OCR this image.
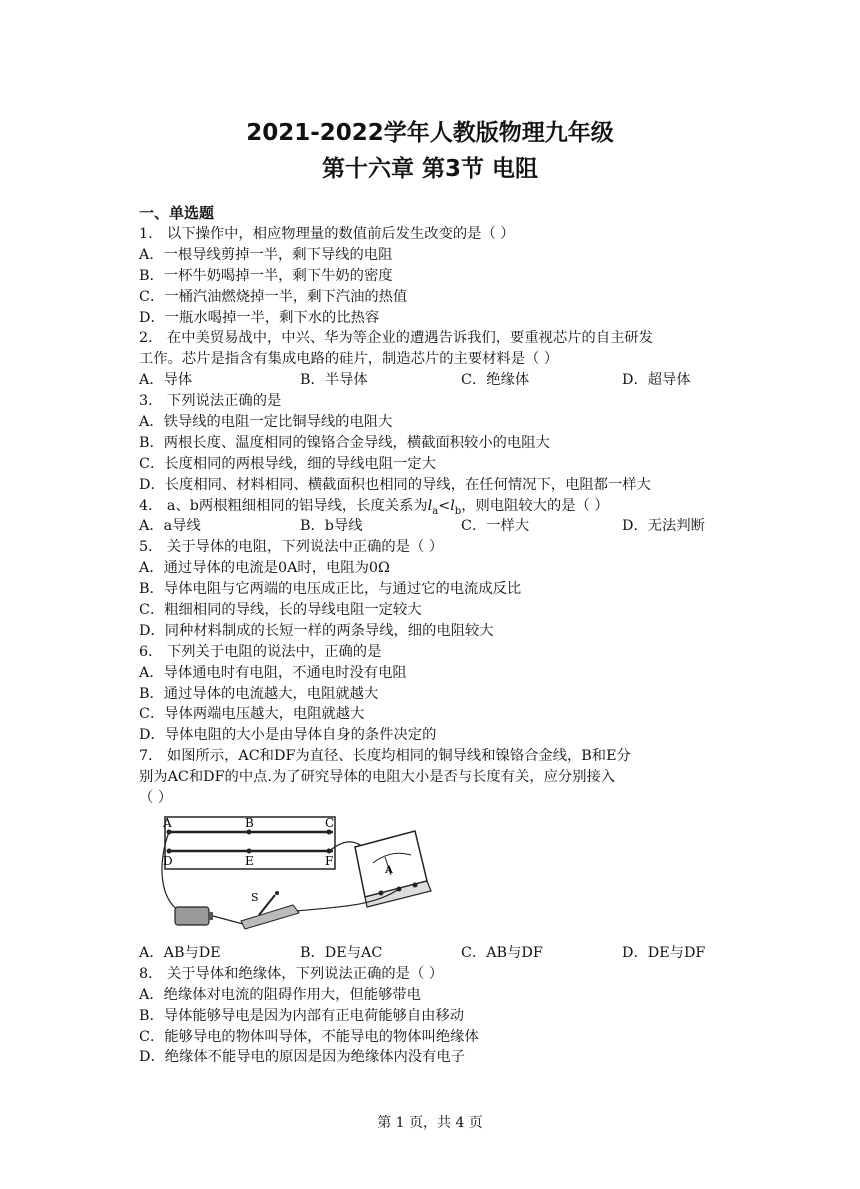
2021-2022学年人教版物理九年级
第十六章 第3节 电阻
一、单选题
1． 以下操作中，相应物理量的数值前后发生改变的是（ ）
A．一根导线剪掉一半，剩下导线的电阻
B．一杯牛奶喝掉一半，剩下牛奶的密度
C．一桶汽油燃烧掉一半，剩下汽油的热值
D．一瓶水喝掉一半，剩下水的比热容
2． 在中美贸易战中，中兴、华为等企业的遭遇告诉我们，要重视芯片的自主研发
工作。芯片是指含有集成电路的硅片，制造芯片的主要材料是（ ）
A．导体	B．半导体	C．绝缘体	D．超导体
3． 下列说法正确的是
A．铁导线的电阻一定比铜导线的电阻大
B．两根长度、温度相同的镍铬合金导线，横截面积较小的电阻大
C．长度相同的两根导线，细的导线电阻一定大
D．长度相同、材料相同、横截面积也相同的导线，在任何情况下，电阻都一样大
4． a、b两根粗细相同的铝导线，长度关系为$l_a<l_b$，则电阻较大的是（ ）
A．a导线	B．b导线	C．一样大	D．无法判断
5． 关于导体的电阻，下列说法中正确的是（ ）
A．通过导体的电流是0A时，电阻为0Ω
B．导体电阻与它两端的电压成正比，与通过它的电流成反比
C．粗细相同的导线，长的导线电阻一定较大
D．同种材料制成的长短一样的两条导线，细的电阻较大
6． 下列关于电阻的说法中，正确的是
A．导体通电时有电阻，不通电时没有电阻
B．通过导体的电流越大，电阻就越大
C．导体两端电压越大，电阻就越大
D．导体电阻的大小是由导体自身的条件决定的
7． 如图所示，AC和DF为直径、长度均相同的铜导线和镍铬合金线，B和E分
别为AC和DF的中点.为了研究导体的电阻大小是否与长度有关，应分别接入
（ ）
A	B	C
D	E	F
A
S
A．AB与DE	B．DE与AC	C．AB与DF	D．DE与DF
8． 关于导体和绝缘体，下列说法正确的是（ ）
A．绝缘体对电流的阻碍作用大，但能够带电
B．导体能够导电是因为内部有正电荷能够自由移动
C．能够导电的物体叫导体，不能导电的物体叫绝缘体
D．绝缘体不能导电的原因是因为绝缘体内没有电子
第 1 页，共 4 页
